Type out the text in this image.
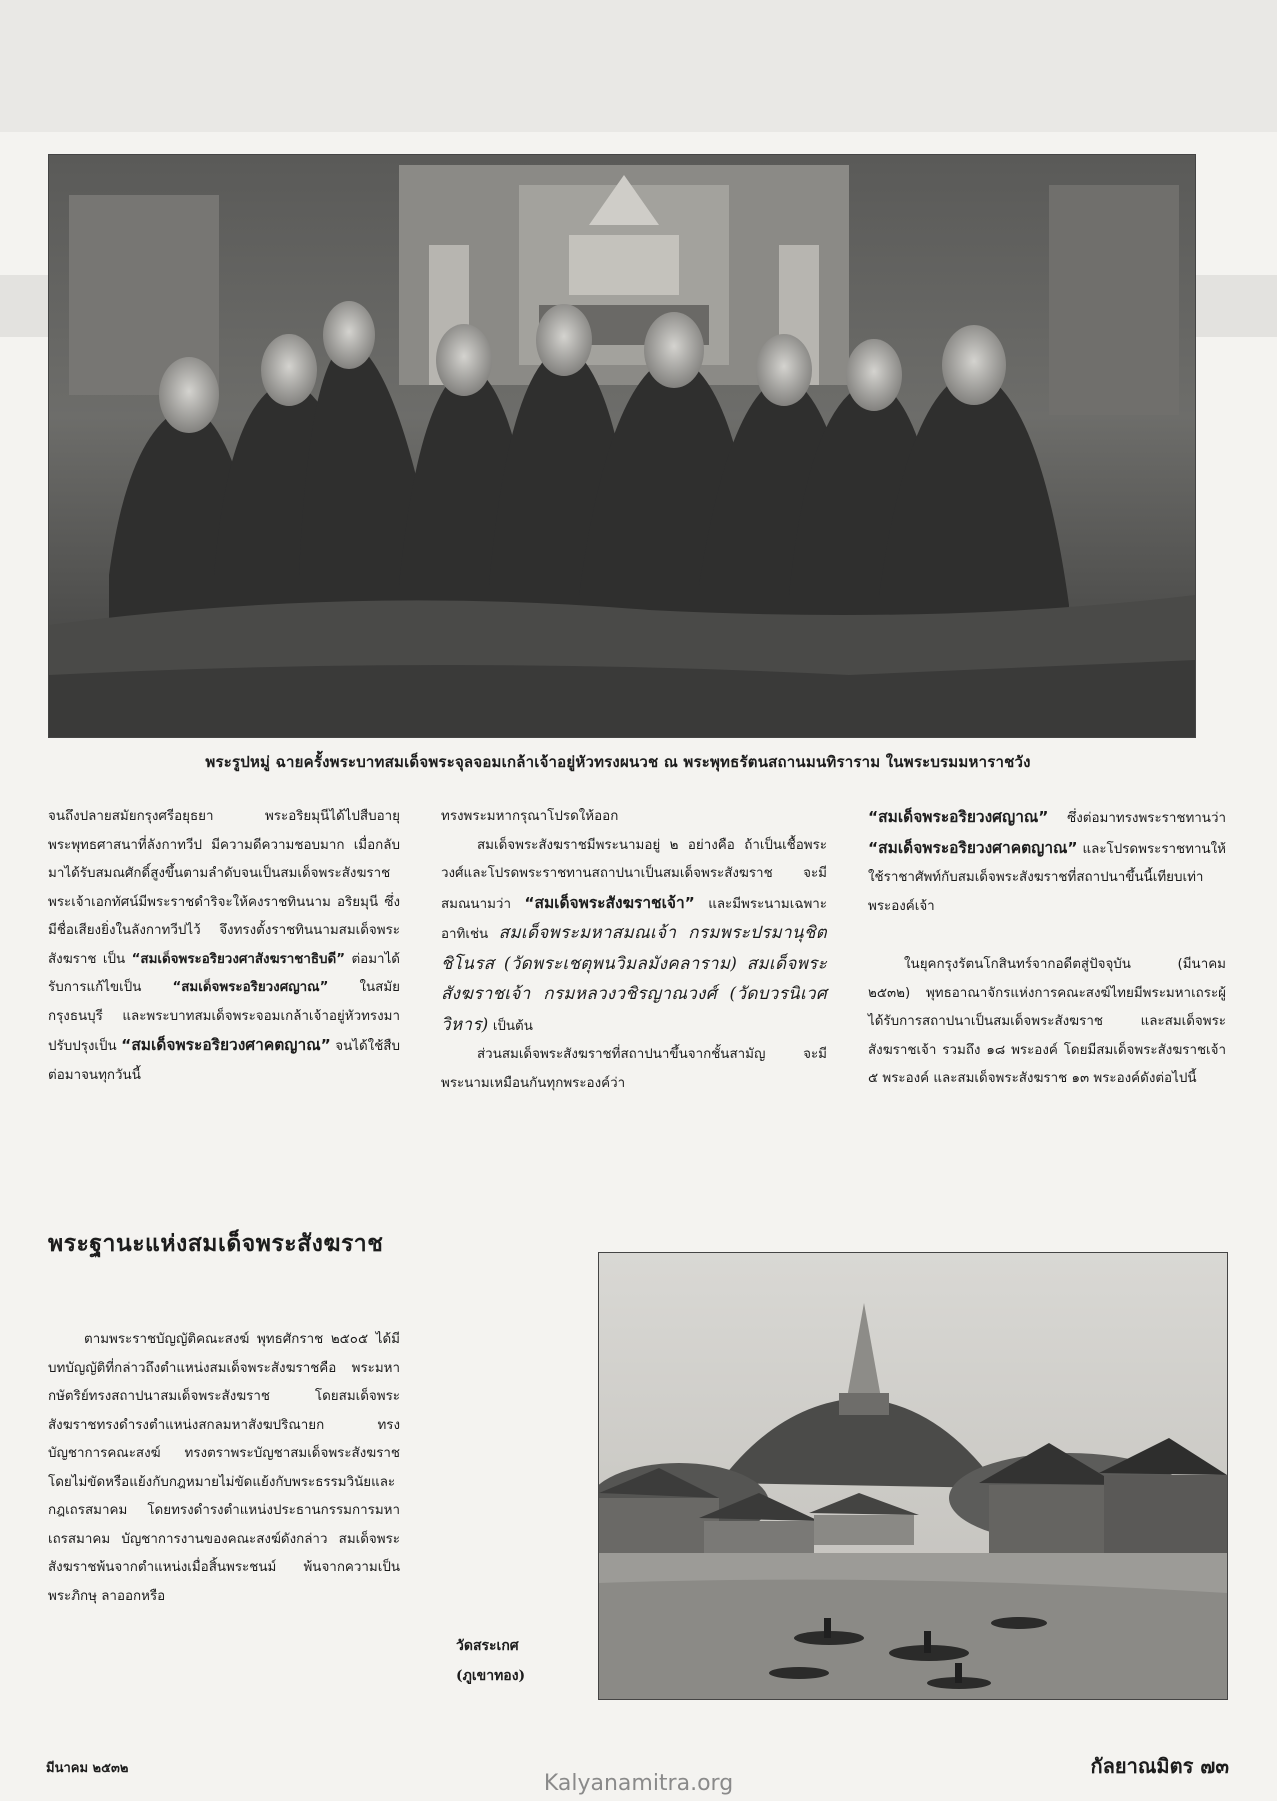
พระรูปหมู่ ฉายครั้งพระบาทสมเด็จพระจุลจอมเกล้าเจ้าอยู่หัวทรงผนวช ณ พระพุทธรัตนสถานมนทิราราม ในพระบรมมหาราชวัง

จนถึงปลายสมัยกรุงศรีอยุธยา พระอริยมุนีได้ไปสืบอายุพระพุทธศาสนาที่ลังกาทวีป มีความดีความชอบมาก เมื่อกลับมาได้รับสมณศักดิ์สูงขึ้นตามลำดับจนเป็นสมเด็จพระสังฆราช พระเจ้าเอกทัศน์มีพระราชดำริจะให้คงราชทินนาม อริยมุนี ซึ่งมีชื่อเสียงยิ่งในลังกาทวีปไว้ จึงทรงตั้งราชทินนามสมเด็จพระสังฆราช เป็น “สมเด็จพระอริยวงศาสังฆราชาธิบดี” ต่อมาได้รับการแก้ไขเป็น “สมเด็จพระอริยวงศญาณ” ในสมัยกรุงธนบุรี และพระบาทสมเด็จพระจอมเกล้าเจ้าอยู่หัวทรงมาปรับปรุงเป็น “สมเด็จพระอริยวงศาคตญาณ” จนได้ใช้สืบต่อมาจนทุกวันนี้

พระฐานะแห่งสมเด็จพระสังฆราช

ตามพระราชบัญญัติคณะสงฆ์ พุทธศักราช ๒๕๐๕ ได้มีบทบัญญัติที่กล่าวถึงตำแหน่งสมเด็จพระสังฆราชคือ พระมหากษัตริย์ทรงสถาปนาสมเด็จพระสังฆราช โดยสมเด็จพระสังฆราชทรงดำรงตำแหน่งสกลมหาสังฆปริณายก ทรงบัญชาการคณะสงฆ์ ทรงตราพระบัญชาสมเด็จพระสังฆราช โดยไม่ขัดหรือแย้งกับกฎหมายไม่ขัดแย้งกับพระธรรมวินัยและกฎเถรสมาคม โดยทรงดำรงตำแหน่งประธานกรรมการมหาเถรสมาคม บัญชาการงานของคณะสงฆ์ดังกล่าว สมเด็จพระสังฆราชพ้นจากตำแหน่งเมื่อสิ้นพระชนม์ พ้นจากความเป็นพระภิกษุ ลาออกหรือ

ทรงพระมหากรุณาโปรดให้ออก

สมเด็จพระสังฆราชมีพระนามอยู่ ๒ อย่างคือ ถ้าเป็นเชื้อพระวงศ์และโปรดพระราชทานสถาปนาเป็นสมเด็จพระสังฆราช จะมีสมณนามว่า “สมเด็จพระสังฆราชเจ้า” และมีพระนามเฉพาะ อาทิเช่น สมเด็จพระมหาสมณเจ้า กรมพระปรมานุชิตชิโนรส (วัดพระเชตุพนวิมลมังคลาราม) สมเด็จพระสังฆราชเจ้า กรมหลวงวชิรญาณวงศ์ (วัดบวรนิเวศวิหาร) เป็นต้น

ส่วนสมเด็จพระสังฆราชที่สถาปนาขึ้นจากชั้นสามัญ จะมีพระนามเหมือนกันทุกพระองค์ว่า

“สมเด็จพระอริยวงศญาณ” ซึ่งต่อมาทรงพระราชทานว่า “สมเด็จพระอริยวงศาคตญาณ” และโปรดพระราชทานให้ใช้ราชาศัพท์กับสมเด็จพระสังฆราชที่สถาปนาขึ้นนี้เทียบเท่าพระองค์เจ้า

ในยุคกรุงรัตนโกสินทร์จากอดีตสู่ปัจจุบัน (มีนาคม ๒๕๓๒) พุทธอาณาจักรแห่งการคณะสงฆ์ไทยมีพระมหาเถระผู้ได้รับการสถาปนาเป็นสมเด็จพระสังฆราช และสมเด็จพระสังฆราชเจ้า รวมถึง ๑๘ พระองค์ โดยมีสมเด็จพระสังฆราชเจ้า ๕ พระองค์ และสมเด็จพระสังฆราช ๑๓ พระองค์ดังต่อไปนี้

วัดสระเกศ
(ภูเขาทอง)
มีนาคม ๒๕๓๒	กัลยาณมิตร ๗๓
Kalyanamitra.org
